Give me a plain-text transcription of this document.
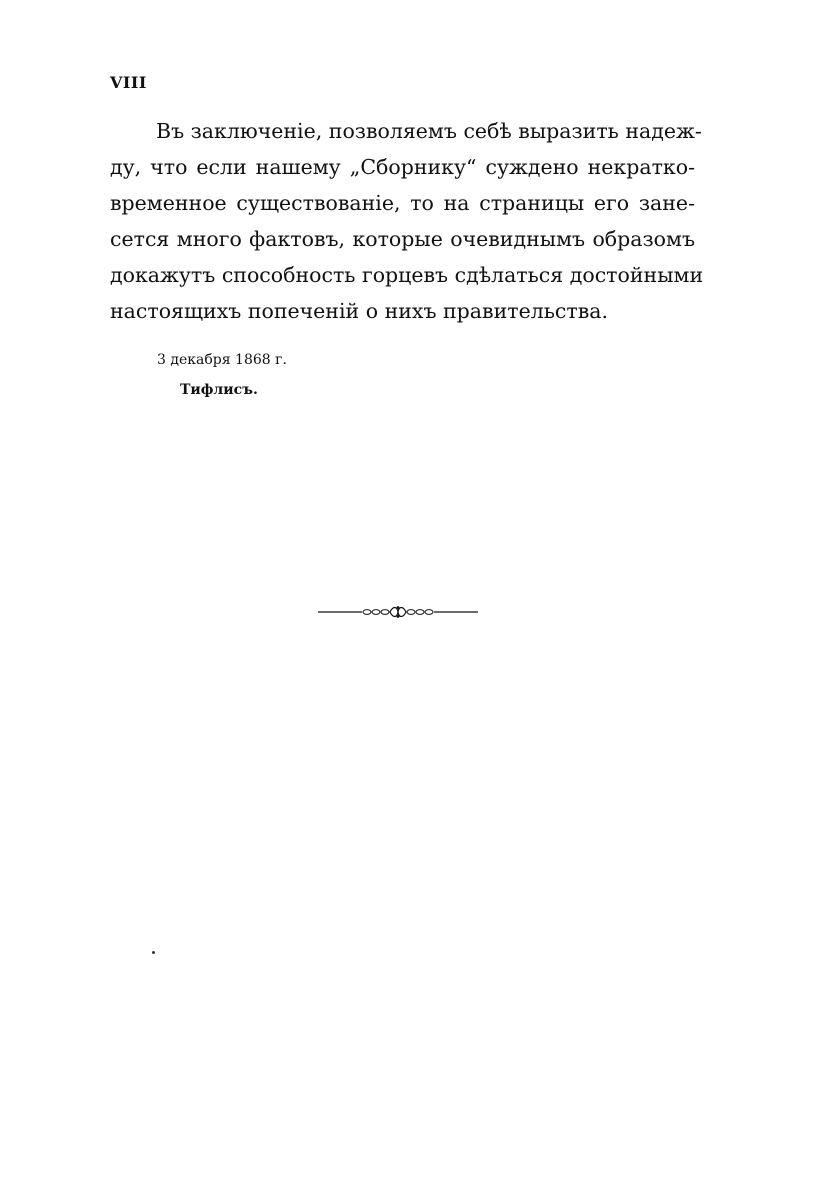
VIII

Въ заключенiе, позволяемъ себѣ выразить надеж-
ду, что если нашему „Сборнику“ суждено некратко-
временное существованiе, то на страницы его зане-
сется много фактовъ, которые очевиднымъ образомъ
докажутъ способность горцевъ сдѣлаться достойными
настоящихъ попеченiй о нихъ правительства.

3 декабря 1868 г.
Тифлисъ.
